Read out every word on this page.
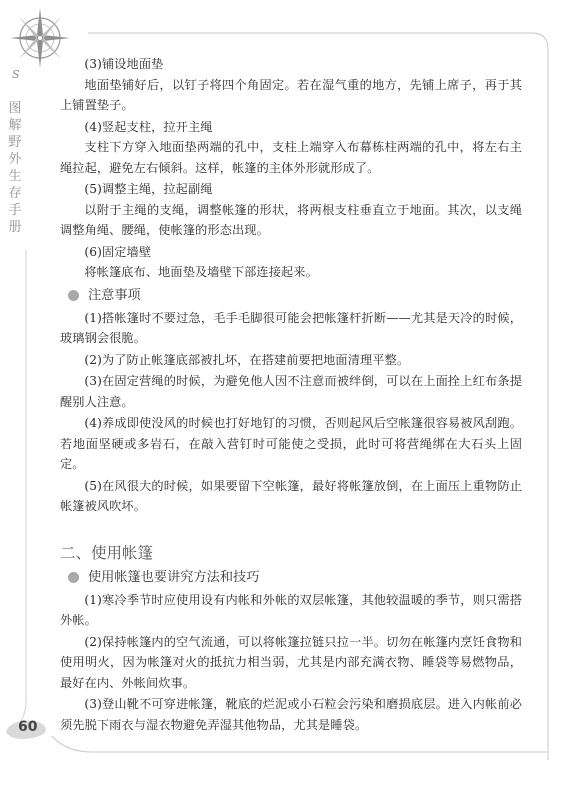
S
图
解
野
外
生
存
手
册

(3)铺设地面垫

地面垫铺好后，以钉子将四个角固定。若在湿气重的地方，先铺上席子，再于其上铺置垫子。

(4)竖起支柱，拉开主绳

支柱下方穿入地面垫两端的孔中，支柱上端穿入布幕栋柱两端的孔中，将左右主绳拉起，避免左右倾斜。这样，帐篷的主体外形就形成了。

(5)调整主绳，拉起副绳

以附于主绳的支绳，调整帐篷的形状，将两根支柱垂直立于地面。其次，以支绳调整角绳、腰绳，使帐篷的形态出现。

(6)固定墙壁

将帐篷底布、地面垫及墙壁下部连接起来。

注意事项

(1)搭帐篷时不要过急，毛手毛脚很可能会把帐篷杆折断——尤其是天冷的时候，玻璃钢会很脆。

(2)为了防止帐篷底部被扎坏，在搭建前要把地面清理平整。

(3)在固定营绳的时候，为避免他人因不注意而被绊倒，可以在上面拴上红布条提醒别人注意。

(4)养成即使没风的时候也打好地钉的习惯，否则起风后空帐篷很容易被风刮跑。若地面坚硬或多岩石，在敲入营钉时可能使之受损，此时可将营绳绑在大石头上固定。

(5)在风很大的时候，如果要留下空帐篷，最好将帐篷放倒，在上面压上重物防止帐篷被风吹坏。

二、使用帐篷
使用帐篷也要讲究方法和技巧

(1)寒冷季节时应使用设有内帐和外帐的双层帐篷，其他较温暖的季节，则只需搭外帐。

(2)保持帐篷内的空气流通，可以将帐篷拉链只拉一半。切勿在帐篷内烹饪食物和使用明火，因为帐篷对火的抵抗力相当弱，尤其是内部充满衣物、睡袋等易燃物品，最好在内、外帐间炊事。

(3)登山靴不可穿进帐篷，靴底的烂泥或小石粒会污染和磨损底层。进入内帐前必须先脱下雨衣与湿衣物避免弄湿其他物品，尤其是睡袋。

60
